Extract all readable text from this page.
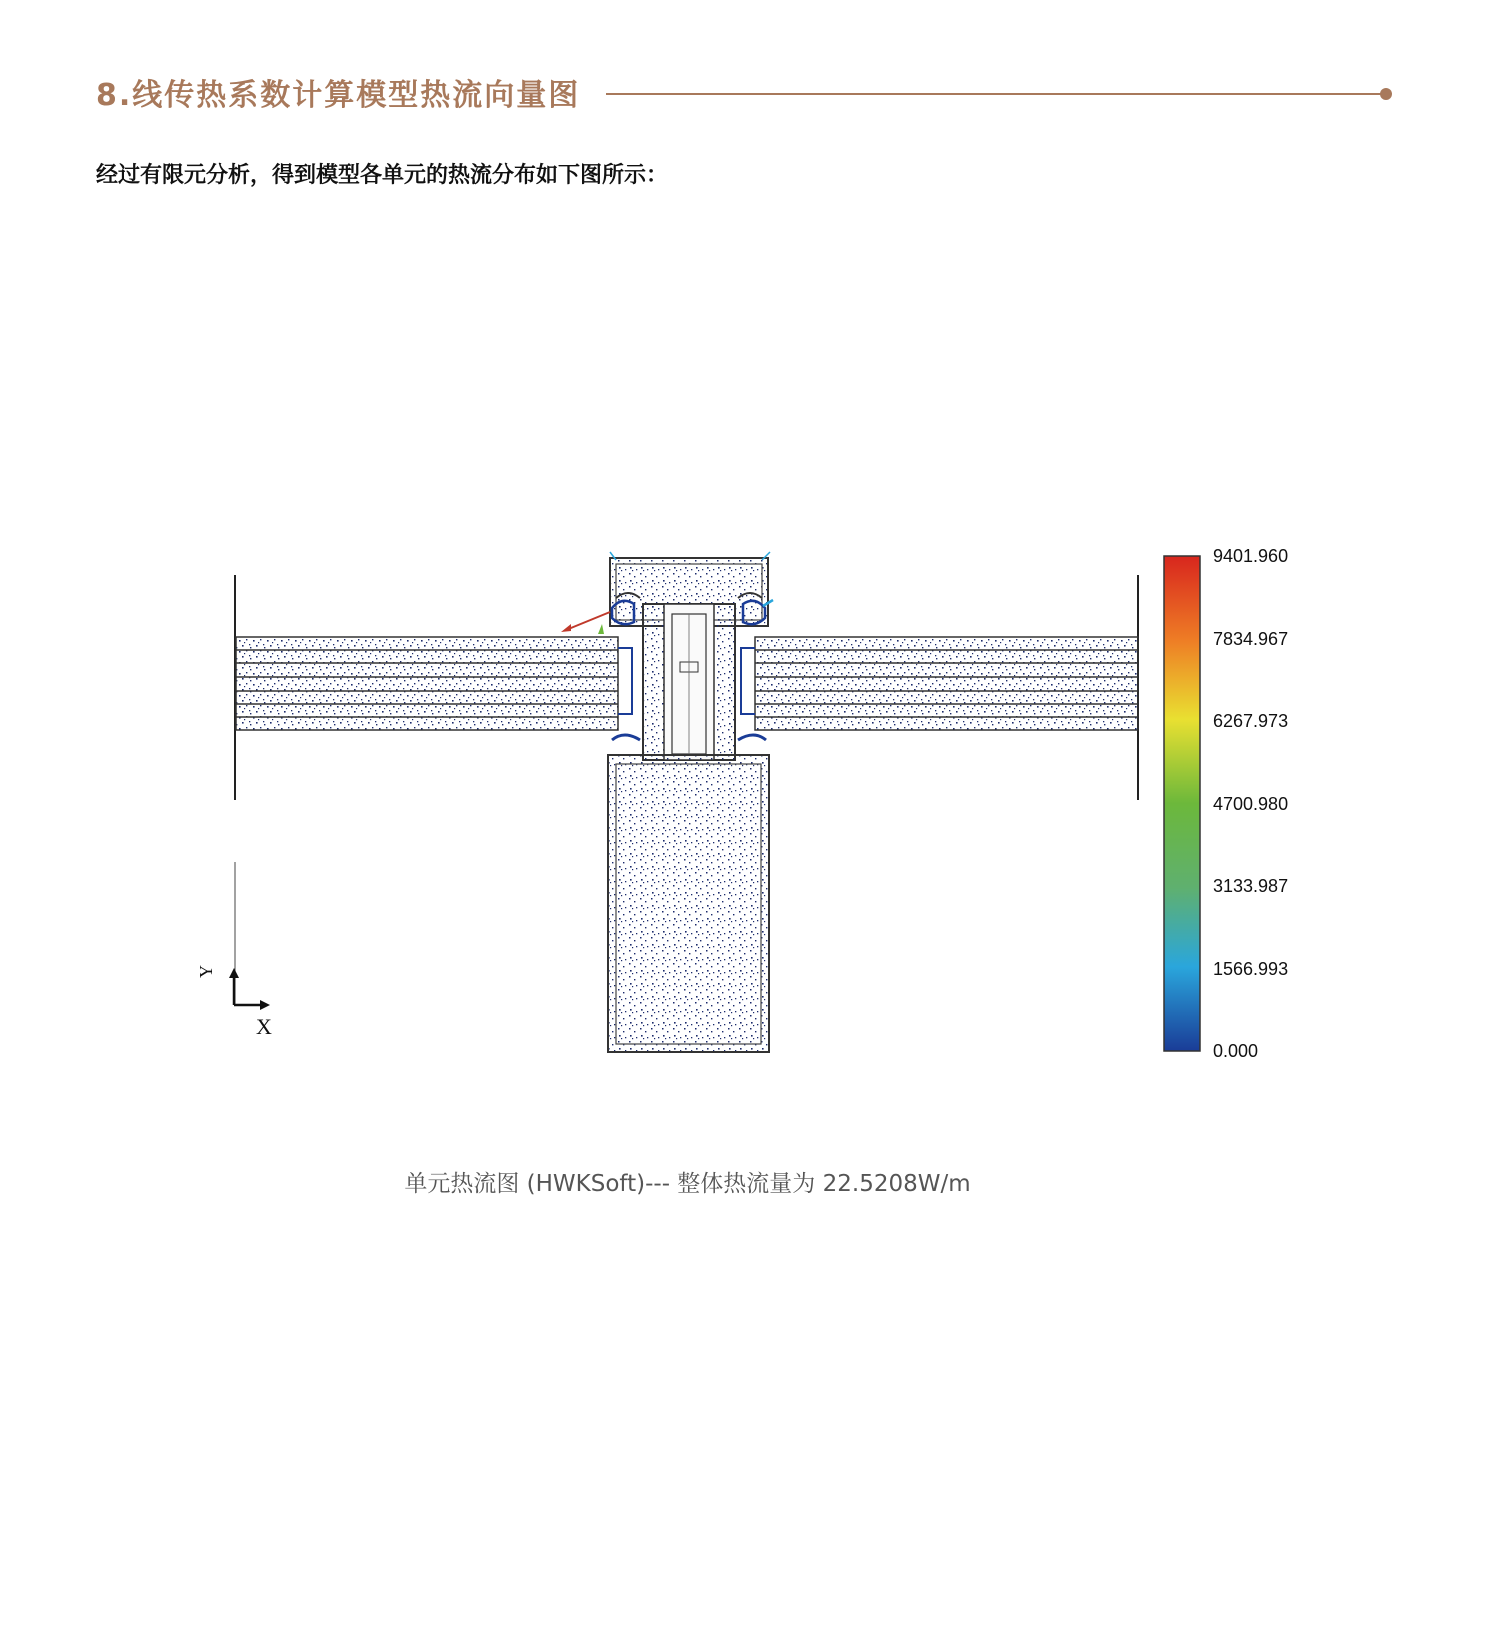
8.线传热系数计算模型热流向量图

经过有限元分析，得到模型各单元的热流分布如下图所示：

Y
X
9401.960
7834.967
6267.973
4700.980
3133.987
1566.993
0.000
单元热流图 (HWKSoft)--- 整体热流量为 22.5208W/m
